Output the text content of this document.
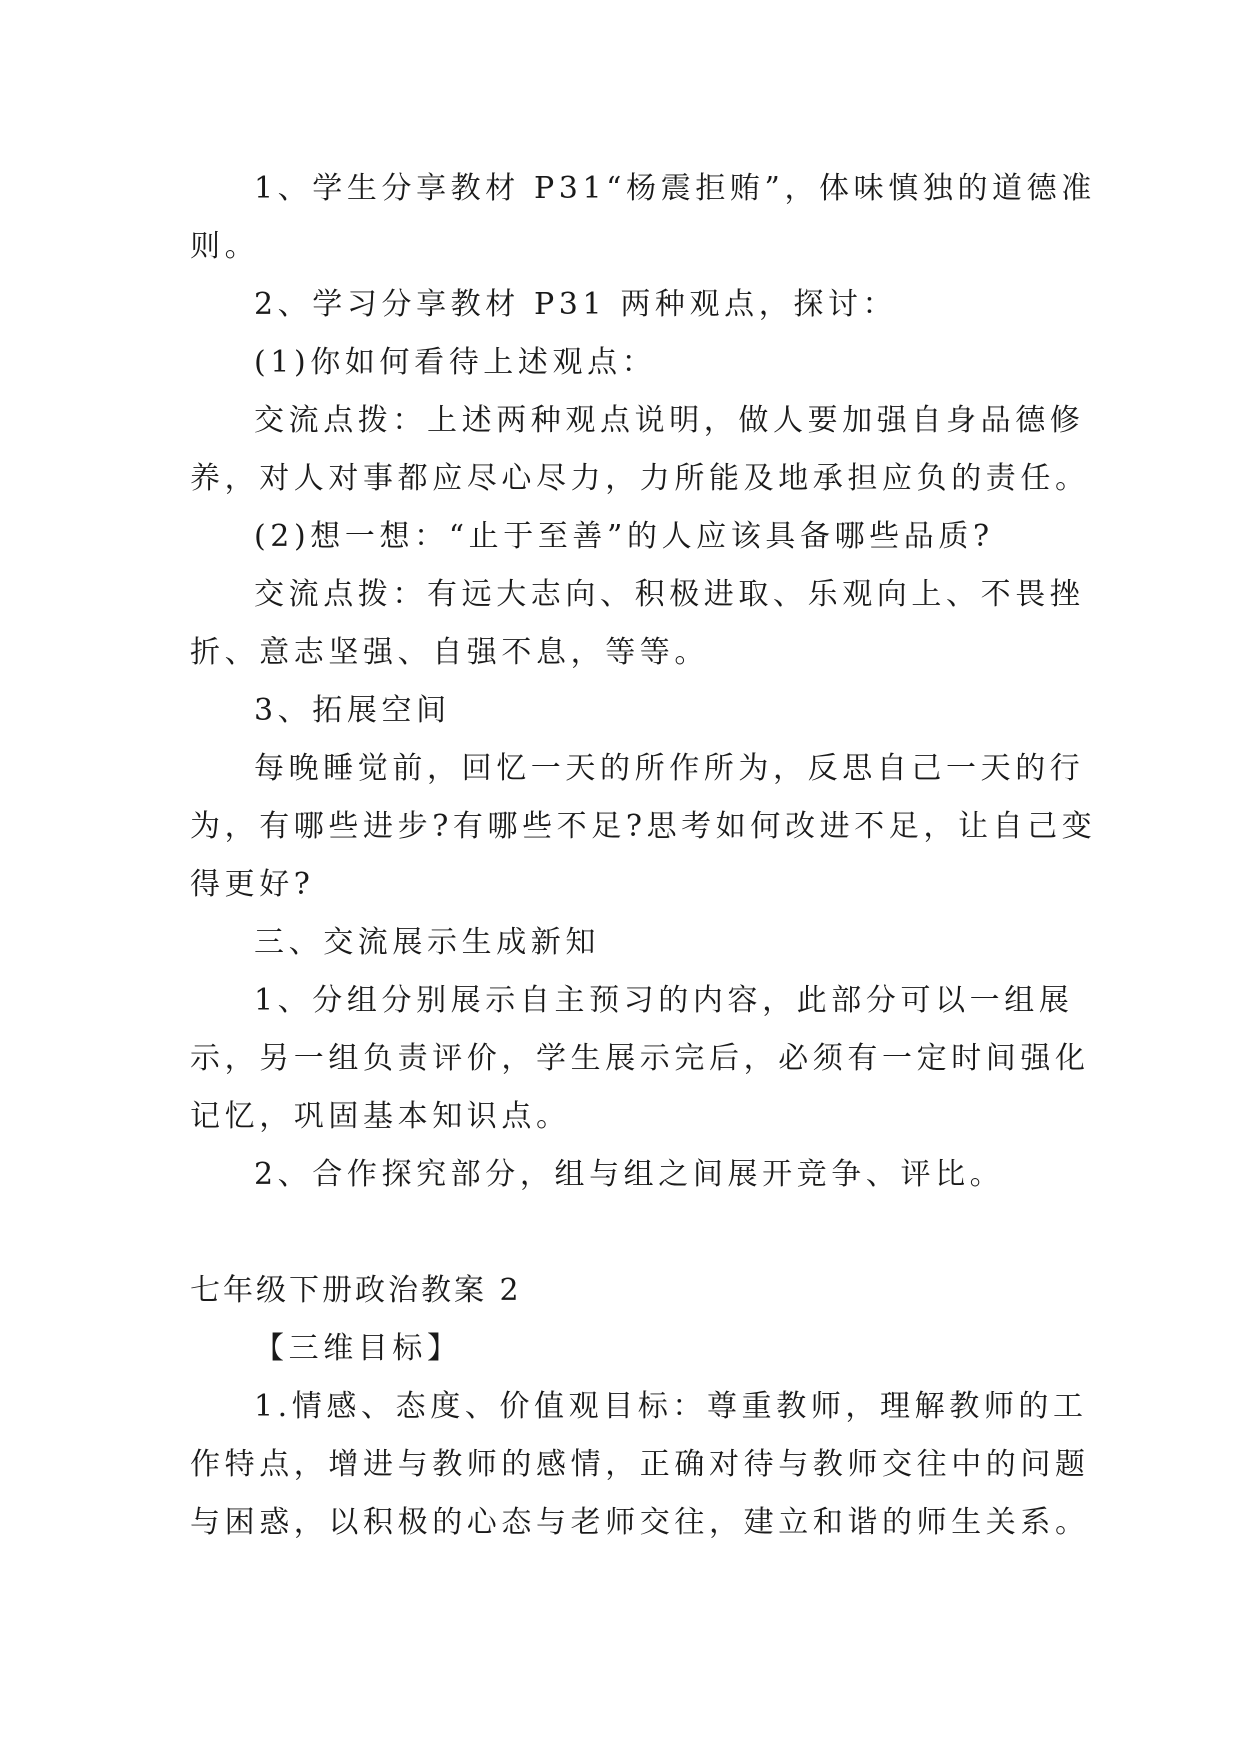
1、学生分享教材 P31“杨震拒贿”，体味慎独的道德准
则。
2、学习分享教材 P31 两种观点，探讨：
(1)你如何看待上述观点：
交流点拨：上述两种观点说明，做人要加强自身品德修
养，对人对事都应尽心尽力，力所能及地承担应负的责任。
(2)想一想：“止于至善”的人应该具备哪些品质?
交流点拨：有远大志向、积极进取、乐观向上、不畏挫
折、意志坚强、自强不息，等等。
3、拓展空间
每晚睡觉前，回忆一天的所作所为，反思自己一天的行
为，有哪些进步?有哪些不足?思考如何改进不足，让自己变
得更好?
三、交流展示生成新知
1、分组分别展示自主预习的内容，此部分可以一组展
示，另一组负责评价，学生展示完后，必须有一定时间强化
记忆，巩固基本知识点。
2、合作探究部分，组与组之间展开竞争、评比。
七年级下册政治教案 2
【三维目标】
1.情感、态度、价值观目标：尊重教师，理解教师的工
作特点，增进与教师的感情，正确对待与教师交往中的问题
与困惑，以积极的心态与老师交往，建立和谐的师生关系。
